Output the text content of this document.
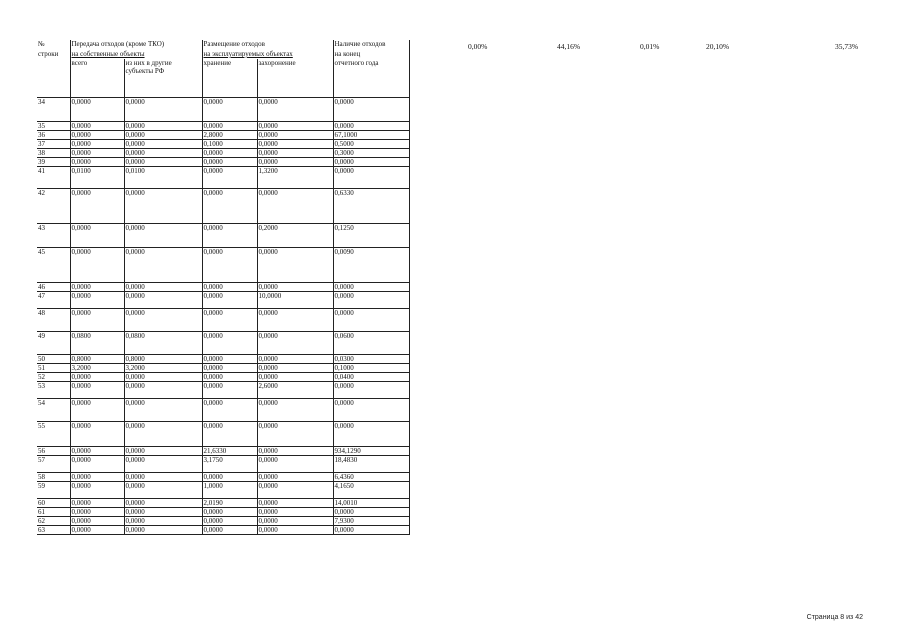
№	Передача отходов (кроме ТКО)		Размещение отходов		Наличие отходов
строки	на собственные объекты		на эксплуатируемых объектах		на конец
	всего	из них в другие субъекты РФ	хранение	захоронение	отчетного года
34	0,0000	0,0000	0,0000	0,0000	0,0000
35	0,0000	0,0000	0,0000	0,0000	0,0000
36	0,0000	0,0000	2,8000	0,0000	67,1000
37	0,0000	0,0000	0,1000	0,0000	0,5000
38	0,0000	0,0000	0,0000	0,0000	0,3000
39	0,0000	0,0000	0,0000	0,0000	0,0000
41	0,0100	0,0100	0,0000	1,3200	0,0000
42	0,0000	0,0000	0,0000	0,0000	0,6330
43	0,0000	0,0000	0,0000	0,2000	0,1250
45	0,0000	0,0000	0,0000	0,0000	0,0090
46	0,0000	0,0000	0,0000	0,0000	0,0000
47	0,0000	0,0000	0,0000	10,0000	0,0000
48	0,0000	0,0000	0,0000	0,0000	0,0000
49	0,0800	0,0800	0,0000	0,0000	0,0600
50	0,8000	0,8000	0,0000	0,0000	0,0300
51	3,2000	3,2000	0,0000	0,0000	0,1000
52	0,0000	0,0000	0,0000	0,0000	0,0400
53	0,0000	0,0000	0,0000	2,6000	0,0000
54	0,0000	0,0000	0,0000	0,0000	0,0000
55	0,0000	0,0000	0,0000	0,0000	0,0000
56	0,0000	0,0000	21,6330	0,0000	934,1290
57	0,0000	0,0000	3,1750	0,0000	18,4830
58	0,0000	0,0000	0,0000	0,0000	6,4360
59	0,0000	0,0000	1,0000	0,0000	4,1650
60	0,0000	0,0000	2,0190	0,0000	14,0010
61	0,0000	0,0000	0,0000	0,0000	0,0000
62	0,0000	0,0000	0,0000	0,0000	7,9300
63	0,0000	0,0000	0,0000	0,0000	0,0000
0,00%	44,16%	0,01%	20,10%	35,73%
Страница 8 из 42
